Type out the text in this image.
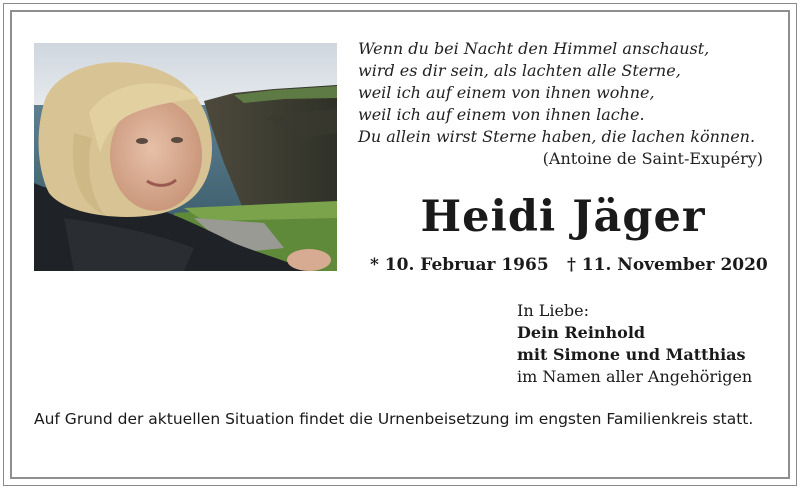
Wenn du bei Nacht den Himmel anschaust,
wird es dir sein, als lachten alle Sterne,
weil ich auf einem von ihnen wohne,
weil ich auf einem von ihnen lache.
Du allein wirst Sterne haben, die lachen können.
(Antoine de Saint-Exupéry)
Heidi Jäger
* 10. Februar 1965 † 11. November 2020
In Liebe:
Dein Reinhold
mit Simone und Matthias
im Namen aller Angehörigen
Auf Grund der aktuellen Situation findet die Urnenbeisetzung im engsten Familienkreis statt.
